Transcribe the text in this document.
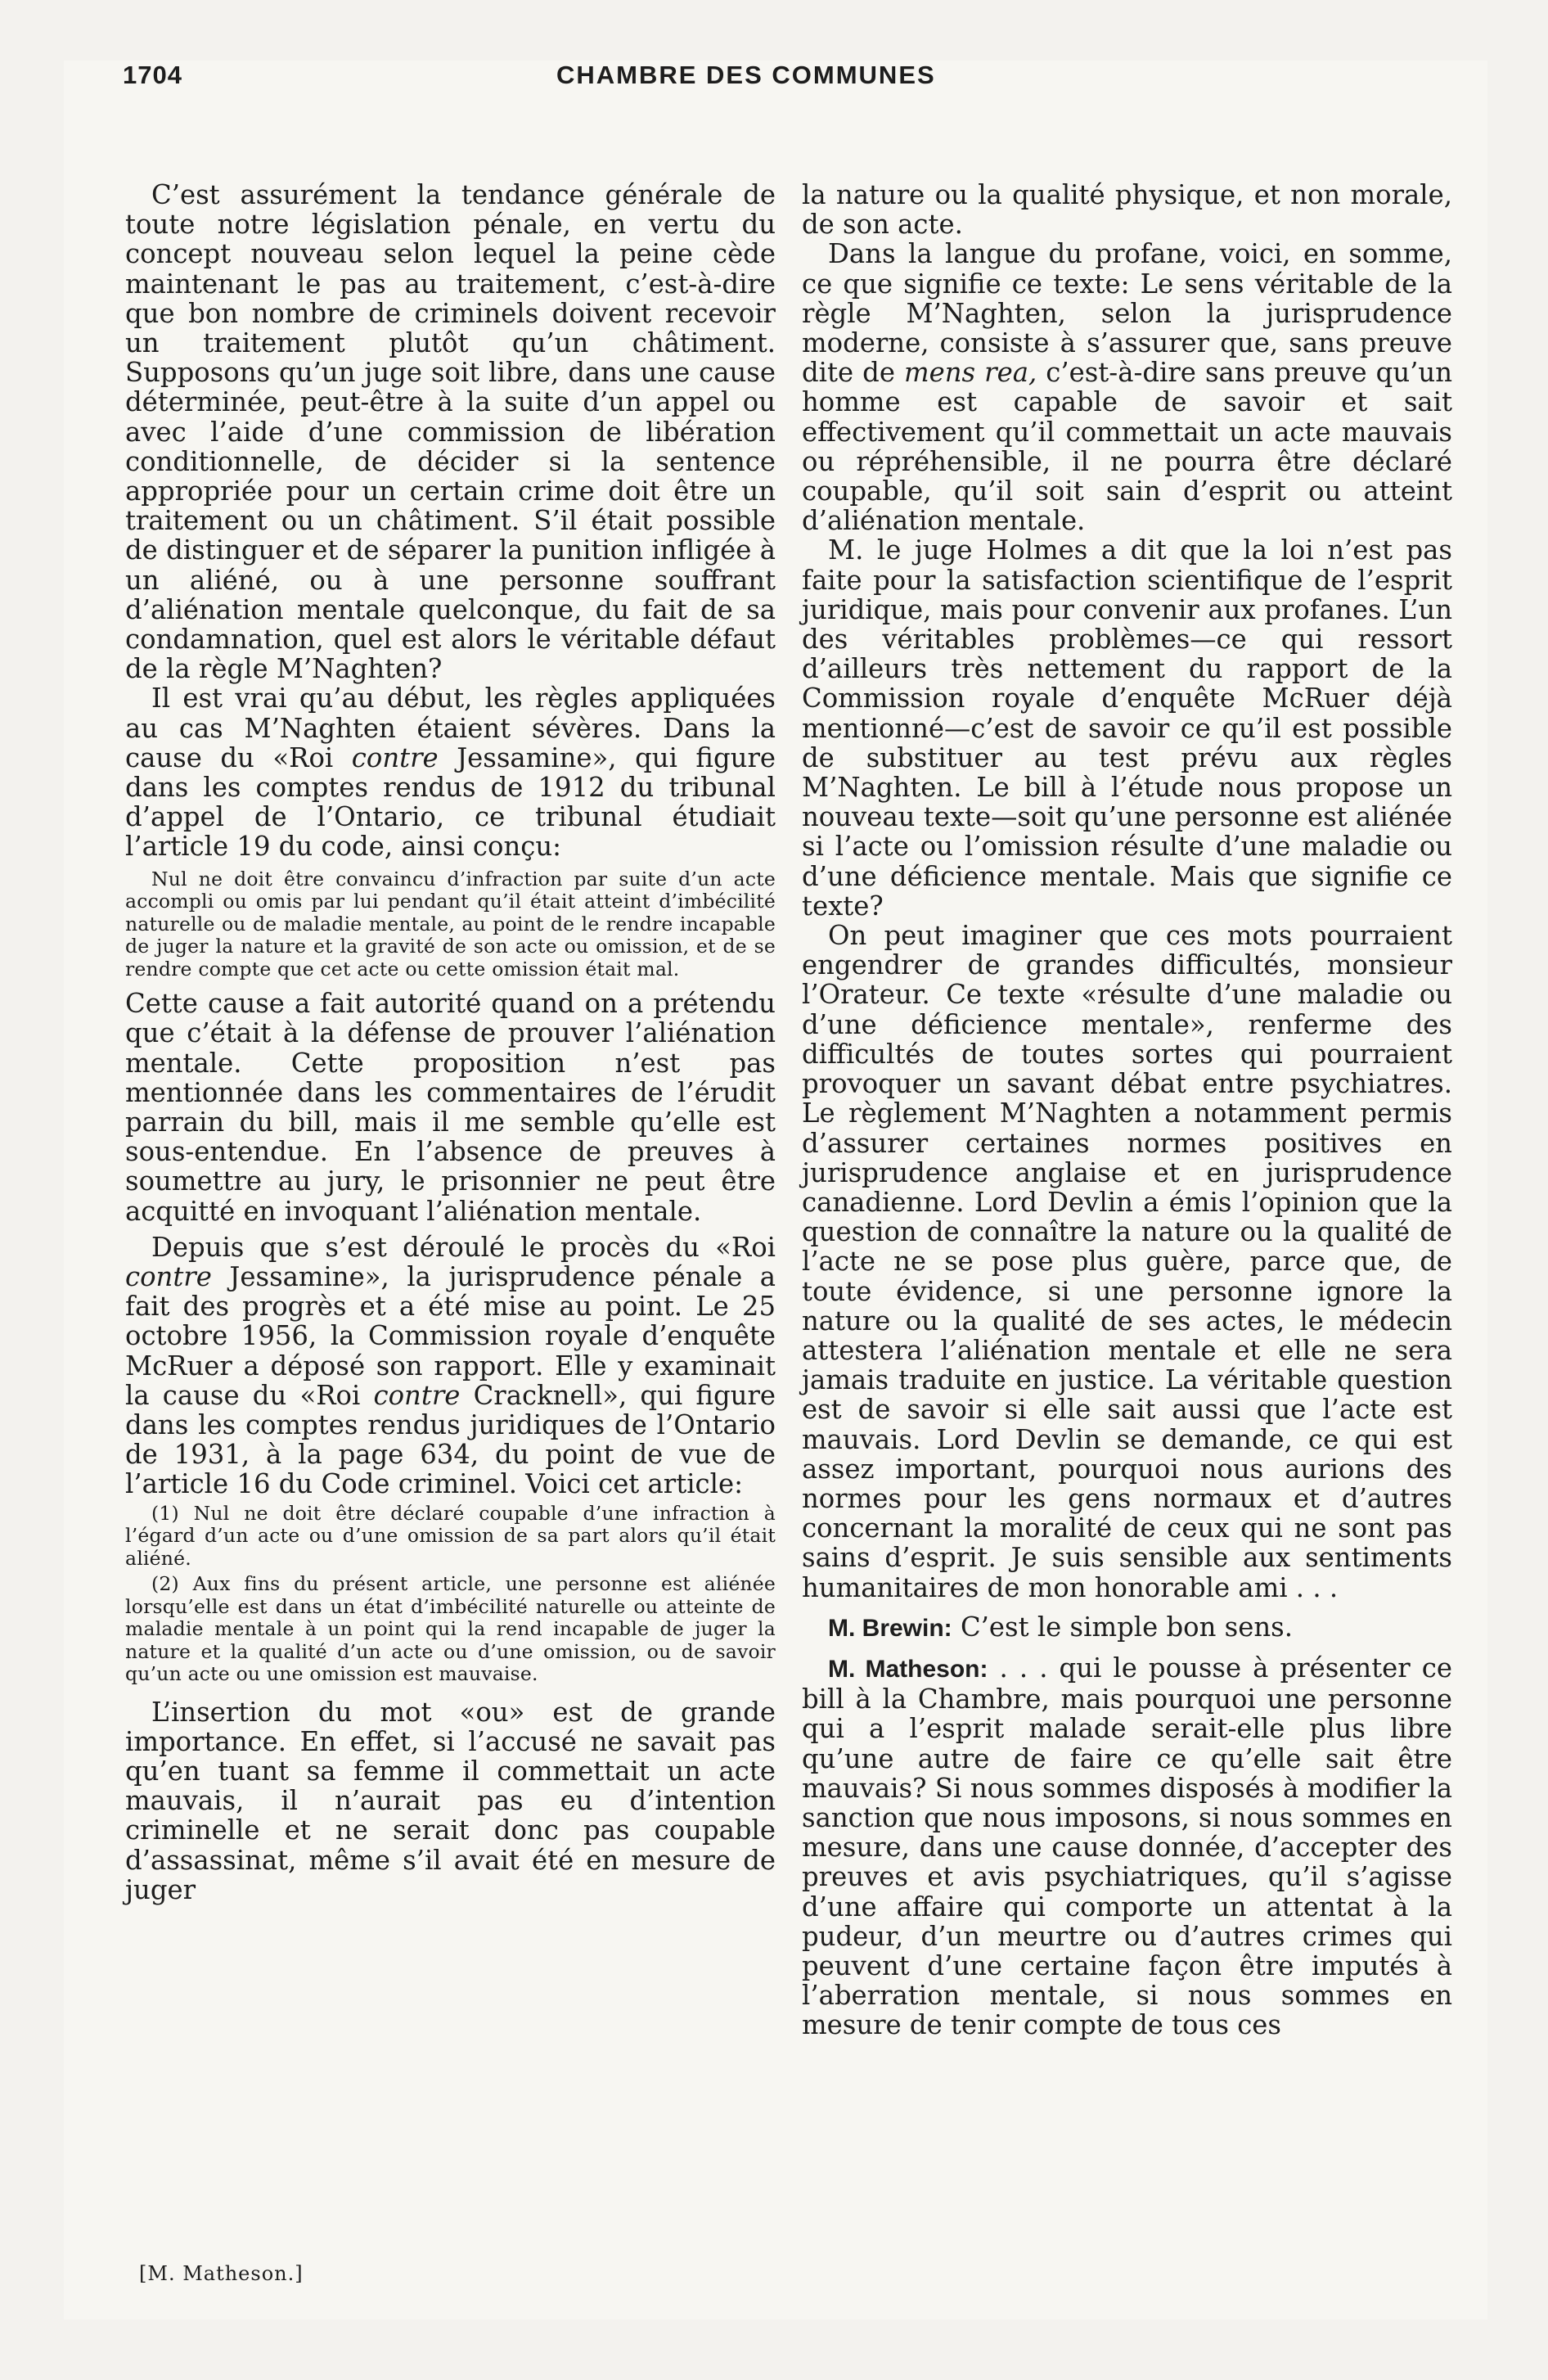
1704	CHAMBRE DES COMMUNES

C’est assurément la tendance générale de toute notre législation pénale, en vertu du concept nouveau selon lequel la peine cède maintenant le pas au traitement, c’est-à-dire que bon nombre de criminels doivent recevoir un traitement plutôt qu’un châtiment. Supposons qu’un juge soit libre, dans une cause déterminée, peut-être à la suite d’un appel ou avec l’aide d’une commission de libération conditionnelle, de décider si la sentence appropriée pour un certain crime doit être un traitement ou un châtiment. S’il était possible de distinguer et de séparer la punition infligée à un aliéné, ou à une personne souffrant d’aliénation mentale quelconque, du fait de sa condamnation, quel est alors le véritable défaut de la règle M’Naghten?

Il est vrai qu’au début, les règles appliquées au cas M’Naghten étaient sévères. Dans la cause du «Roi contre Jessamine», qui figure dans les comptes rendus de 1912 du tribunal d’appel de l’Ontario, ce tribunal étudiait l’article 19 du code, ainsi conçu:

Nul ne doit être convaincu d’infraction par suite d’un acte accompli ou omis par lui pendant qu’il était atteint d’imbécilité naturelle ou de maladie mentale, au point de le rendre incapable de juger la nature et la gravité de son acte ou omission, et de se rendre compte que cet acte ou cette omission était mal.

Cette cause a fait autorité quand on a prétendu que c’était à la défense de prouver l’aliénation mentale. Cette proposition n’est pas mentionnée dans les commentaires de l’érudit parrain du bill, mais il me semble qu’elle est sous-entendue. En l’absence de preuves à soumettre au jury, le prisonnier ne peut être acquitté en invoquant l’aliénation mentale.

Depuis que s’est déroulé le procès du «Roi contre Jessamine», la jurisprudence pénale a fait des progrès et a été mise au point. Le 25 octobre 1956, la Commission royale d’enquête McRuer a déposé son rapport. Elle y examinait la cause du «Roi contre Cracknell», qui figure dans les comptes rendus juridiques de l’Ontario de 1931, à la page 634, du point de vue de l’article 16 du Code criminel. Voici cet article:

(1) Nul ne doit être déclaré coupable d’une infraction à l’égard d’un acte ou d’une omission de sa part alors qu’il était aliéné.

(2) Aux fins du présent article, une personne est aliénée lorsqu’elle est dans un état d’imbécilité naturelle ou atteinte de maladie mentale à un point qui la rend incapable de juger la nature et la qualité d’un acte ou d’une omission, ou de savoir qu’un acte ou une omission est mauvaise.

L’insertion du mot «ou» est de grande importance. En effet, si l’accusé ne savait pas qu’en tuant sa femme il commettait un acte mauvais, il n’aurait pas eu d’intention criminelle et ne serait donc pas coupable d’assassinat, même s’il avait été en mesure de juger

la nature ou la qualité physique, et non morale, de son acte.

Dans la langue du profane, voici, en somme, ce que signifie ce texte: Le sens véritable de la règle M’Naghten, selon la jurisprudence moderne, consiste à s’assurer que, sans preuve dite de mens rea, c’est-à-dire sans preuve qu’un homme est capable de savoir et sait effectivement qu’il commettait un acte mauvais ou répréhensible, il ne pourra être déclaré coupable, qu’il soit sain d’esprit ou atteint d’aliénation mentale.

M. le juge Holmes a dit que la loi n’est pas faite pour la satisfaction scientifique de l’esprit juridique, mais pour convenir aux profanes. L’un des véritables problèmes—ce qui ressort d’ailleurs très nettement du rapport de la Commission royale d’enquête McRuer déjà mentionné—c’est de savoir ce qu’il est possible de substituer au test prévu aux règles M’Naghten. Le bill à l’étude nous propose un nouveau texte—soit qu’une personne est aliénée si l’acte ou l’omission résulte d’une maladie ou d’une déficience mentale. Mais que signifie ce texte?

On peut imaginer que ces mots pourraient engendrer de grandes difficultés, monsieur l’Orateur. Ce texte «résulte d’une maladie ou d’une déficience mentale», renferme des difficultés de toutes sortes qui pourraient provoquer un savant débat entre psychiatres. Le règlement M’Naghten a notamment permis d’assurer certaines normes positives en jurisprudence anglaise et en jurisprudence canadienne. Lord Devlin a émis l’opinion que la question de connaître la nature ou la qualité de l’acte ne se pose plus guère, parce que, de toute évidence, si une personne ignore la nature ou la qualité de ses actes, le médecin attestera l’aliénation mentale et elle ne sera jamais traduite en justice. La véritable question est de savoir si elle sait aussi que l’acte est mauvais. Lord Devlin se demande, ce qui est assez important, pourquoi nous aurions des normes pour les gens normaux et d’autres concernant la moralité de ceux qui ne sont pas sains d’esprit. Je suis sensible aux sentiments humanitaires de mon honorable ami . . .

M. Brewin: C’est le simple bon sens.

M. Matheson: . . . qui le pousse à présenter ce bill à la Chambre, mais pourquoi une personne qui a l’esprit malade serait-elle plus libre qu’une autre de faire ce qu’elle sait être mauvais? Si nous sommes disposés à modifier la sanction que nous imposons, si nous sommes en mesure, dans une cause donnée, d’accepter des preuves et avis psychiatriques, qu’il s’agisse d’une affaire qui comporte un attentat à la pudeur, d’un meurtre ou d’autres crimes qui peuvent d’une certaine façon être imputés à l’aberration mentale, si nous sommes en mesure de tenir compte de tous ces

[M. Matheson.]
